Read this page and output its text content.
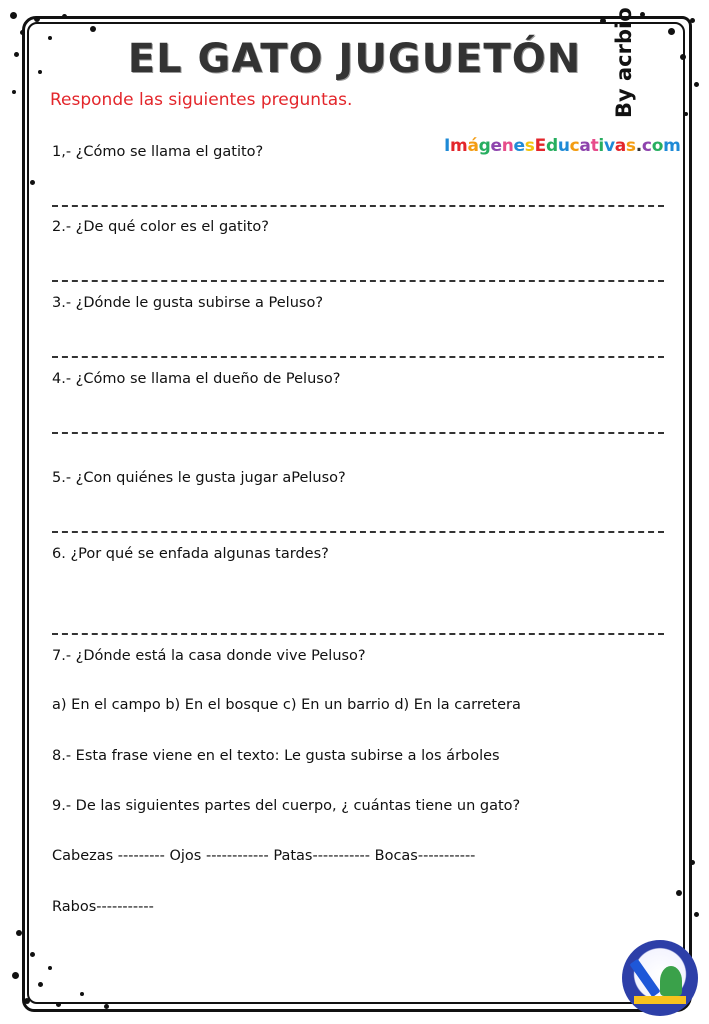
EL GATO JUGUETÓN	By acrbio
Responde las siguientes preguntas.
ImágenesEducativas.com
1,- ¿Cómo se llama el gatito?
2.- ¿De qué color es el gatito?
3.- ¿Dónde le gusta subirse a Peluso?
4.- ¿Cómo se llama el dueño de Peluso?
5.- ¿Con quiénes le gusta jugar aPeluso?
6. ¿Por qué se enfada algunas tardes?
7.- ¿Dónde está la casa donde vive Peluso?
a) En el campo b) En el bosque c) En un barrio d) En la carretera
8.- Esta frase viene en el texto: Le gusta subirse a los árboles
9.- De las siguientes partes del cuerpo, ¿ cuántas tiene un gato?
Cabezas --------- Ojos ------------ Patas----------- Bocas-----------
Rabos-----------
